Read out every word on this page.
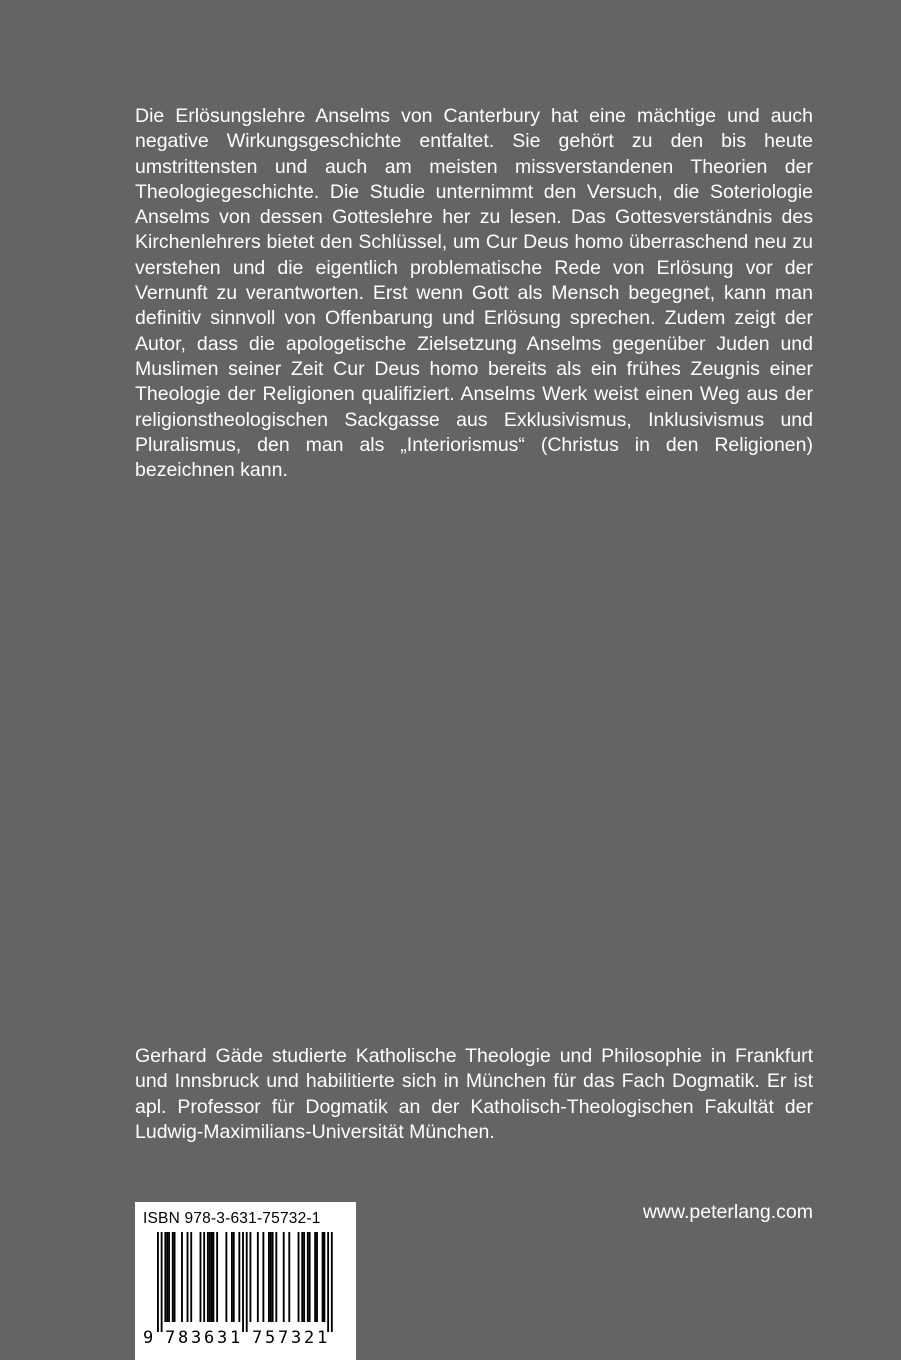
Die Erlösungslehre Anselms von Canterbury hat eine mächtige und auch negative Wirkungsgeschichte entfaltet. Sie gehört zu den bis heute umstrittensten und auch am meisten missverstandenen Theorien der Theologiegeschichte. Die Studie unternimmt den Versuch, die Soteriologie Anselms von dessen Gotteslehre her zu lesen. Das Gottesverständnis des Kirchenlehrers bietet den Schlüssel, um Cur Deus homo überraschend neu zu verstehen und die eigentlich problematische Rede von Erlösung vor der Vernunft zu verantworten. Erst wenn Gott als Mensch begegnet, kann man definitiv sinnvoll von Offenbarung und Erlösung sprechen. Zudem zeigt der Autor, dass die apologetische Zielsetzung Anselms gegenüber Juden und Muslimen seiner Zeit Cur Deus homo bereits als ein frühes Zeugnis einer Theologie der Religionen qualifiziert. Anselms Werk weist einen Weg aus der religionstheologischen Sackgasse aus Exklusivismus, Inklusivismus und Pluralismus, den man als „Interiorismus“ (Christus in den Religionen) bezeichnen kann.

Gerhard Gäde studierte Katholische Theologie und Philosophie in Frankfurt und Innsbruck und habilitierte sich in München für das Fach Dogmatik. Er ist apl. Professor für Dogmatik an der Katholisch-Theologischen Fakultät der Ludwig-Maximilians-Universität München.

www.peterlang.com

ISBN 978-3-631-75732-1
9 7 8 3 6 3 1 7 5 7 3 2 1
